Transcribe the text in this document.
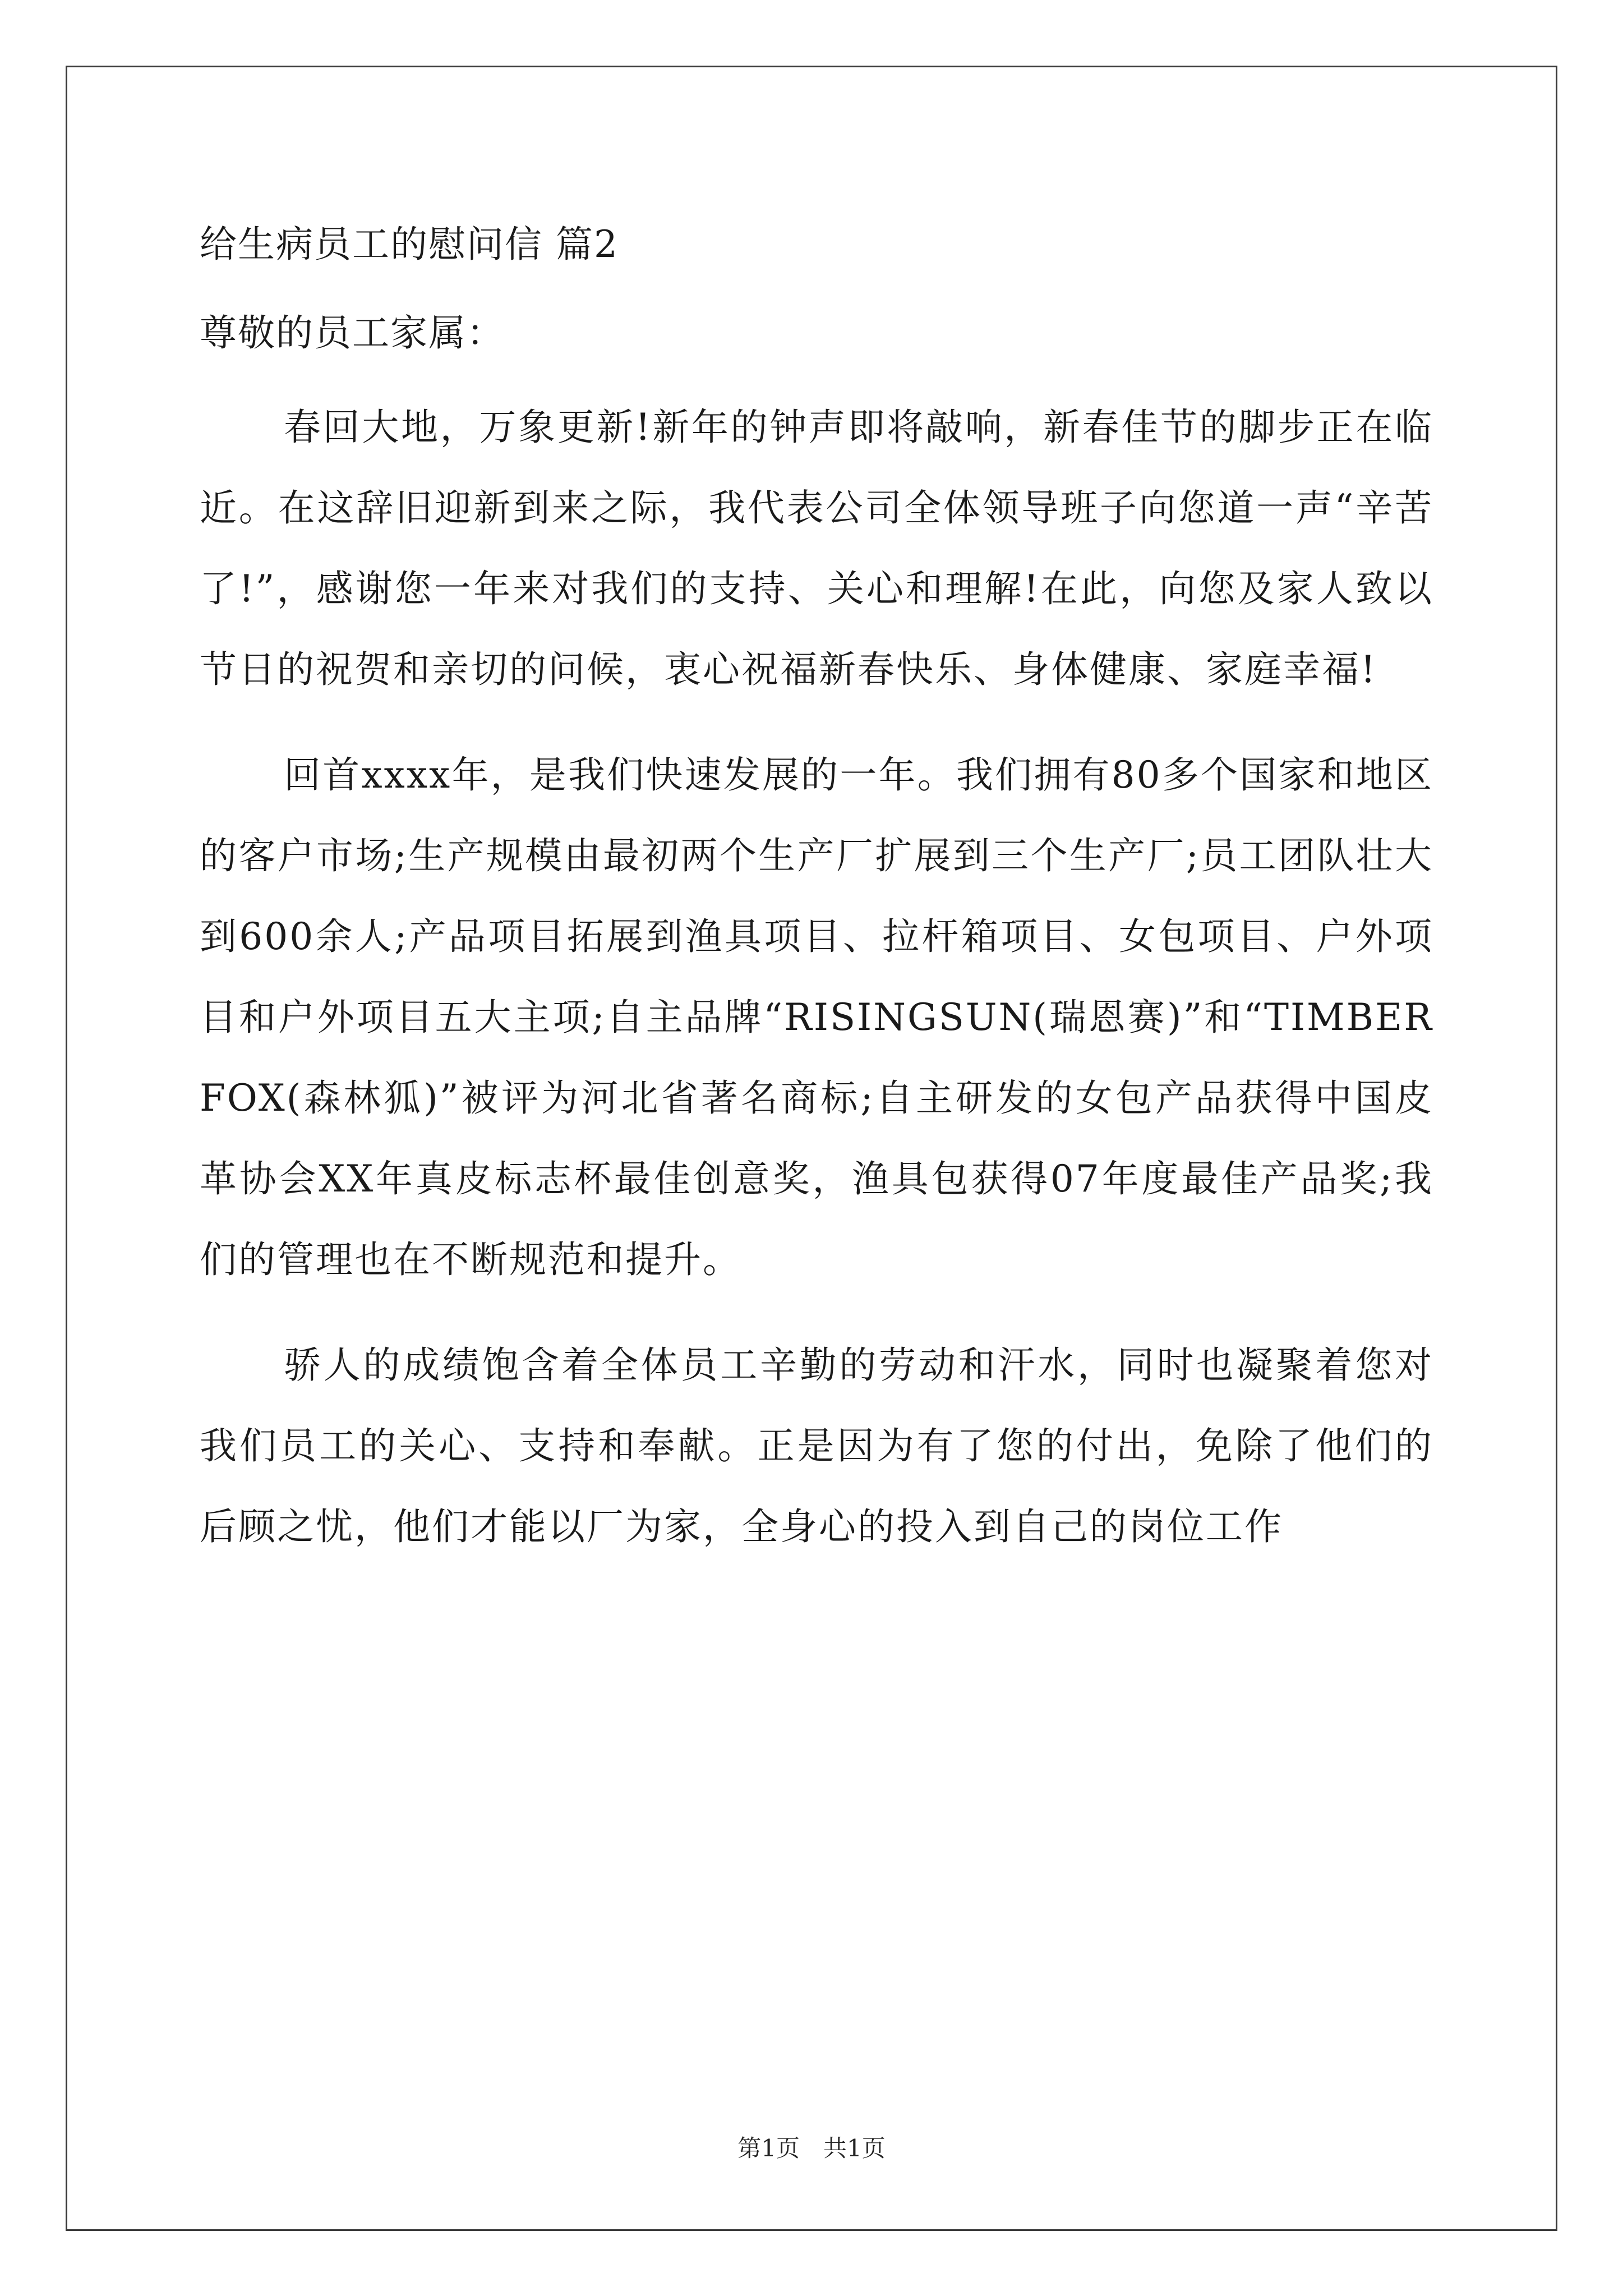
给生病员工的慰问信 篇2

尊敬的员工家属：

春回大地，万象更新!新年的钟声即将敲响，新春佳节的脚步正在临近。在这辞旧迎新到来之际，我代表公司全体领导班子向您道一声“辛苦了!”，感谢您一年来对我们的支持、关心和理解!在此，向您及家人致以节日的祝贺和亲切的问候，衷心祝福新春快乐、身体健康、家庭幸福!

回首xxxx年，是我们快速发展的一年。我们拥有80多个国家和地区的客户市场;生产规模由最初两个生产厂扩展到三个生产厂;员工团队壮大到600余人;产品项目拓展到渔具项目、拉杆箱项目、女包项目、户外项目和户外项目五大主项;自主品牌“RISINGSUN(瑞恩赛)”和“TIMBERFOX(森林狐)”被评为河北省著名商标;自主研发的女包产品获得中国皮革协会XX年真皮标志杯最佳创意奖，渔具包获得07年度最佳产品奖;我们的管理也在不断规范和提升。

骄人的成绩饱含着全体员工辛勤的劳动和汗水，同时也凝聚着您对我们员工的关心、支持和奉献。正是因为有了您的付出，免除了他们的后顾之忧，他们才能以厂为家，全身心的投入到自己的岗位工作

第1页　共1页
